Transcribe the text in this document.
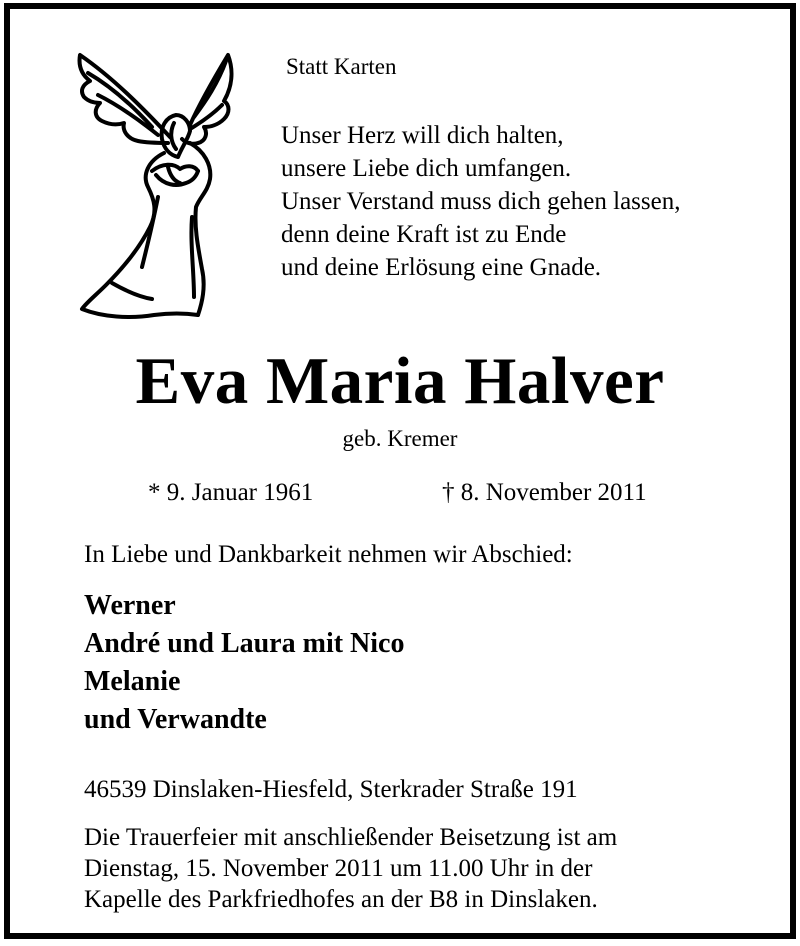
Statt Karten
Unser Herz will dich halten,
unsere Liebe dich umfangen.
Unser Verstand muss dich gehen lassen,
denn deine Kraft ist zu Ende
und deine Erlösung eine Gnade.
Eva Maria Halver
geb. Kremer
* 9. Januar 1961	† 8. November 2011
In Liebe und Dankbarkeit nehmen wir Abschied:
Werner
André und Laura mit Nico
Melanie
und Verwandte
46539 Dinslaken-Hiesfeld, Sterkrader Straße 191
Die Trauerfeier mit anschließender Beisetzung ist am
Dienstag, 15. November 2011 um 11.00 Uhr in der
Kapelle des Parkfriedhofes an der B8 in Dinslaken.
